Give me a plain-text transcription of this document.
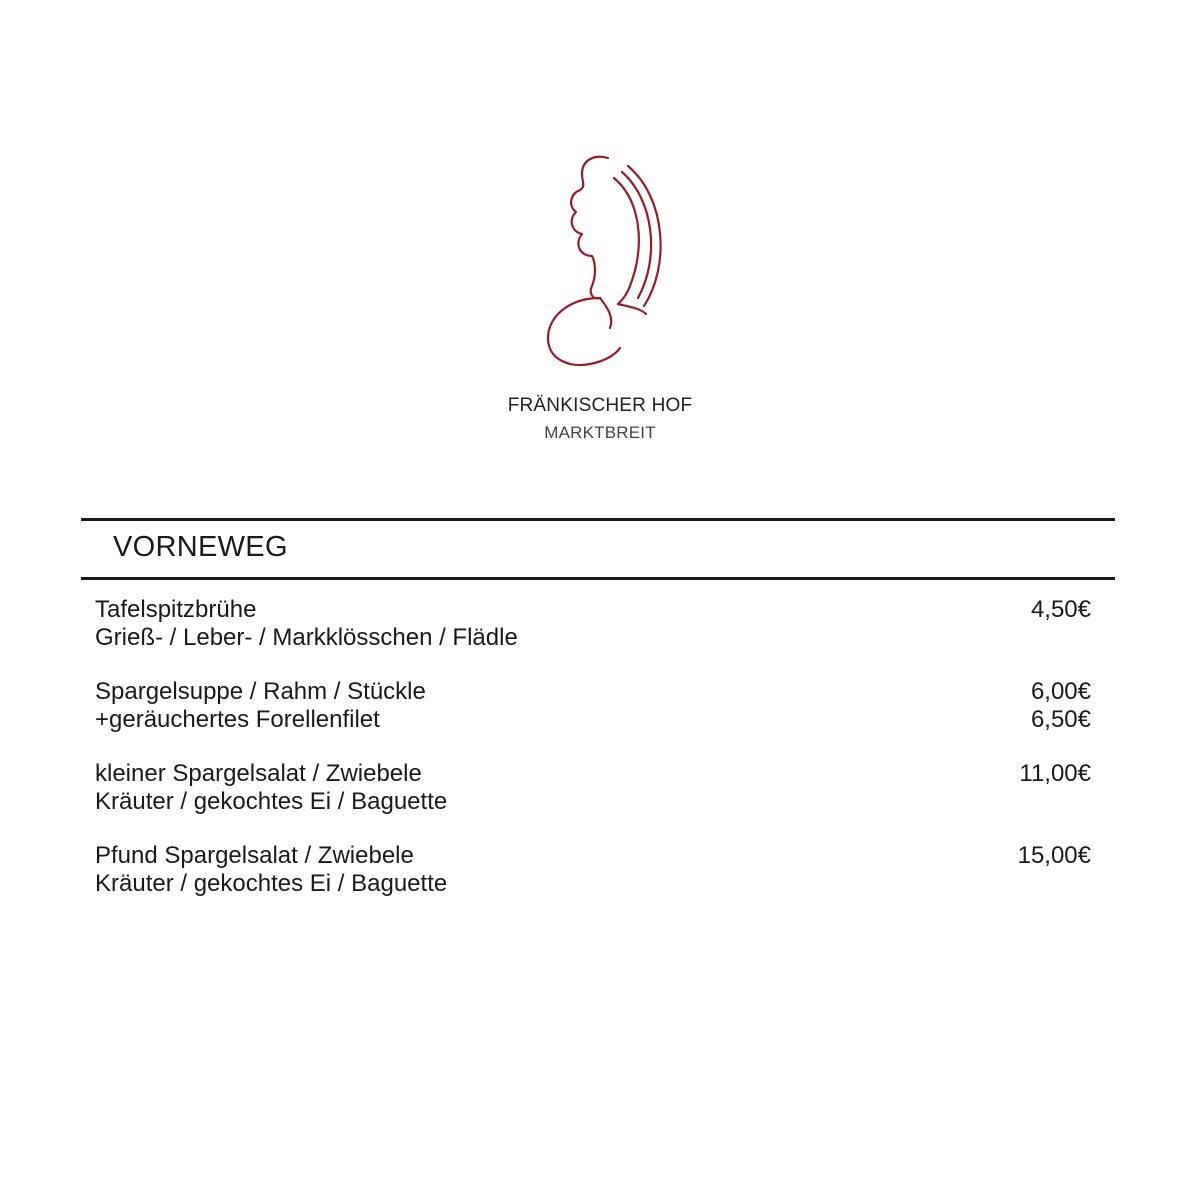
FRÄNKISCHER HOF
MARKTBREIT
VORNEWEG
Tafelspitzbrühe	4,50€
Grieß- / Leber- / Markklösschen / Flädle
Spargelsuppe / Rahm / Stückle	6,00€
+geräuchertes Forellenfilet	6,50€
kleiner Spargelsalat / Zwiebele	11,00€
Kräuter / gekochtes Ei / Baguette
Pfund Spargelsalat / Zwiebele	15,00€
Kräuter / gekochtes Ei / Baguette
